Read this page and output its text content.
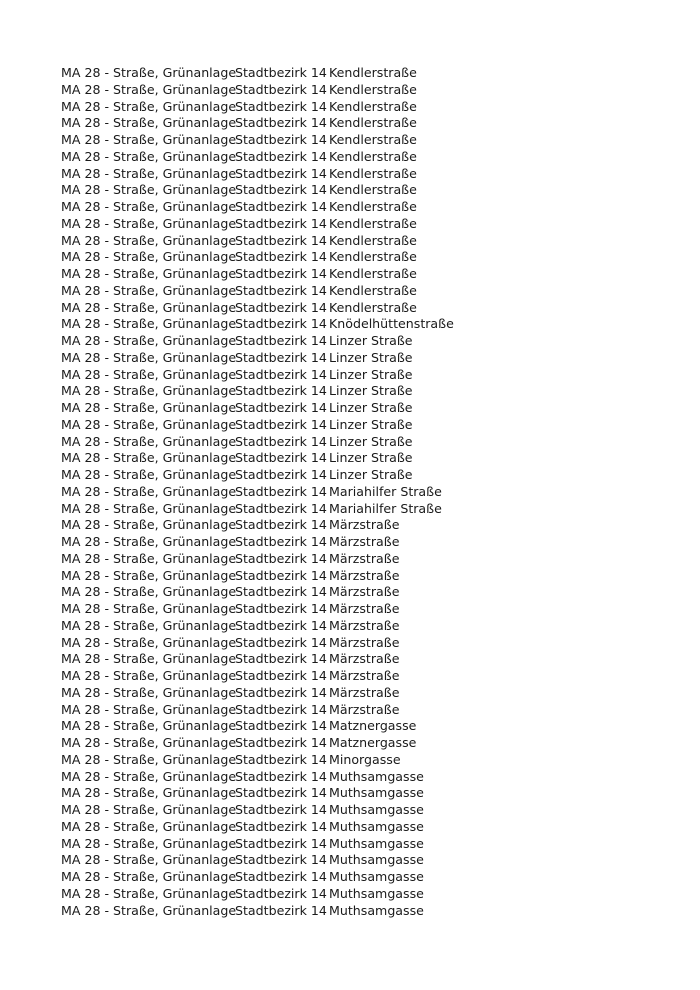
MA 28 - Straße, Grünanlage
Stadtbezirk 14 Kendlerstraße
MA 28 - Straße, Grünanlage
Stadtbezirk 14 Kendlerstraße
MA 28 - Straße, Grünanlage
Stadtbezirk 14 Kendlerstraße
MA 28 - Straße, Grünanlage
Stadtbezirk 14 Kendlerstraße
MA 28 - Straße, Grünanlage
Stadtbezirk 14 Kendlerstraße
MA 28 - Straße, Grünanlage
Stadtbezirk 14 Kendlerstraße
MA 28 - Straße, Grünanlage
Stadtbezirk 14 Kendlerstraße
MA 28 - Straße, Grünanlage
Stadtbezirk 14 Kendlerstraße
MA 28 - Straße, Grünanlage
Stadtbezirk 14 Kendlerstraße
MA 28 - Straße, Grünanlage
Stadtbezirk 14 Kendlerstraße
MA 28 - Straße, Grünanlage
Stadtbezirk 14 Kendlerstraße
MA 28 - Straße, Grünanlage
Stadtbezirk 14 Kendlerstraße
MA 28 - Straße, Grünanlage
Stadtbezirk 14 Kendlerstraße
MA 28 - Straße, Grünanlage
Stadtbezirk 14 Kendlerstraße
MA 28 - Straße, Grünanlage
Stadtbezirk 14 Kendlerstraße
MA 28 - Straße, Grünanlage
Stadtbezirk 14 Knödelhüttenstraße
MA 28 - Straße, Grünanlage
Stadtbezirk 14 Linzer Straße
MA 28 - Straße, Grünanlage
Stadtbezirk 14 Linzer Straße
MA 28 - Straße, Grünanlage
Stadtbezirk 14 Linzer Straße
MA 28 - Straße, Grünanlage
Stadtbezirk 14 Linzer Straße
MA 28 - Straße, Grünanlage
Stadtbezirk 14 Linzer Straße
MA 28 - Straße, Grünanlage
Stadtbezirk 14 Linzer Straße
MA 28 - Straße, Grünanlage
Stadtbezirk 14 Linzer Straße
MA 28 - Straße, Grünanlage
Stadtbezirk 14 Linzer Straße
MA 28 - Straße, Grünanlage
Stadtbezirk 14 Linzer Straße
MA 28 - Straße, Grünanlage
Stadtbezirk 14 Mariahilfer Straße
MA 28 - Straße, Grünanlage
Stadtbezirk 14 Mariahilfer Straße
MA 28 - Straße, Grünanlage
Stadtbezirk 14 Märzstraße
MA 28 - Straße, Grünanlage
Stadtbezirk 14 Märzstraße
MA 28 - Straße, Grünanlage
Stadtbezirk 14 Märzstraße
MA 28 - Straße, Grünanlage
Stadtbezirk 14 Märzstraße
MA 28 - Straße, Grünanlage
Stadtbezirk 14 Märzstraße
MA 28 - Straße, Grünanlage
Stadtbezirk 14 Märzstraße
MA 28 - Straße, Grünanlage
Stadtbezirk 14 Märzstraße
MA 28 - Straße, Grünanlage
Stadtbezirk 14 Märzstraße
MA 28 - Straße, Grünanlage
Stadtbezirk 14 Märzstraße
MA 28 - Straße, Grünanlage
Stadtbezirk 14 Märzstraße
MA 28 - Straße, Grünanlage
Stadtbezirk 14 Märzstraße
MA 28 - Straße, Grünanlage
Stadtbezirk 14 Märzstraße
MA 28 - Straße, Grünanlage
Stadtbezirk 14 Matznergasse
MA 28 - Straße, Grünanlage
Stadtbezirk 14 Matznergasse
MA 28 - Straße, Grünanlage
Stadtbezirk 14 Minorgasse
MA 28 - Straße, Grünanlage
Stadtbezirk 14 Muthsamgasse
MA 28 - Straße, Grünanlage
Stadtbezirk 14 Muthsamgasse
MA 28 - Straße, Grünanlage
Stadtbezirk 14 Muthsamgasse
MA 28 - Straße, Grünanlage
Stadtbezirk 14 Muthsamgasse
MA 28 - Straße, Grünanlage
Stadtbezirk 14 Muthsamgasse
MA 28 - Straße, Grünanlage
Stadtbezirk 14 Muthsamgasse
MA 28 - Straße, Grünanlage
Stadtbezirk 14 Muthsamgasse
MA 28 - Straße, Grünanlage
Stadtbezirk 14 Muthsamgasse
MA 28 - Straße, Grünanlage
Stadtbezirk 14 Muthsamgasse
